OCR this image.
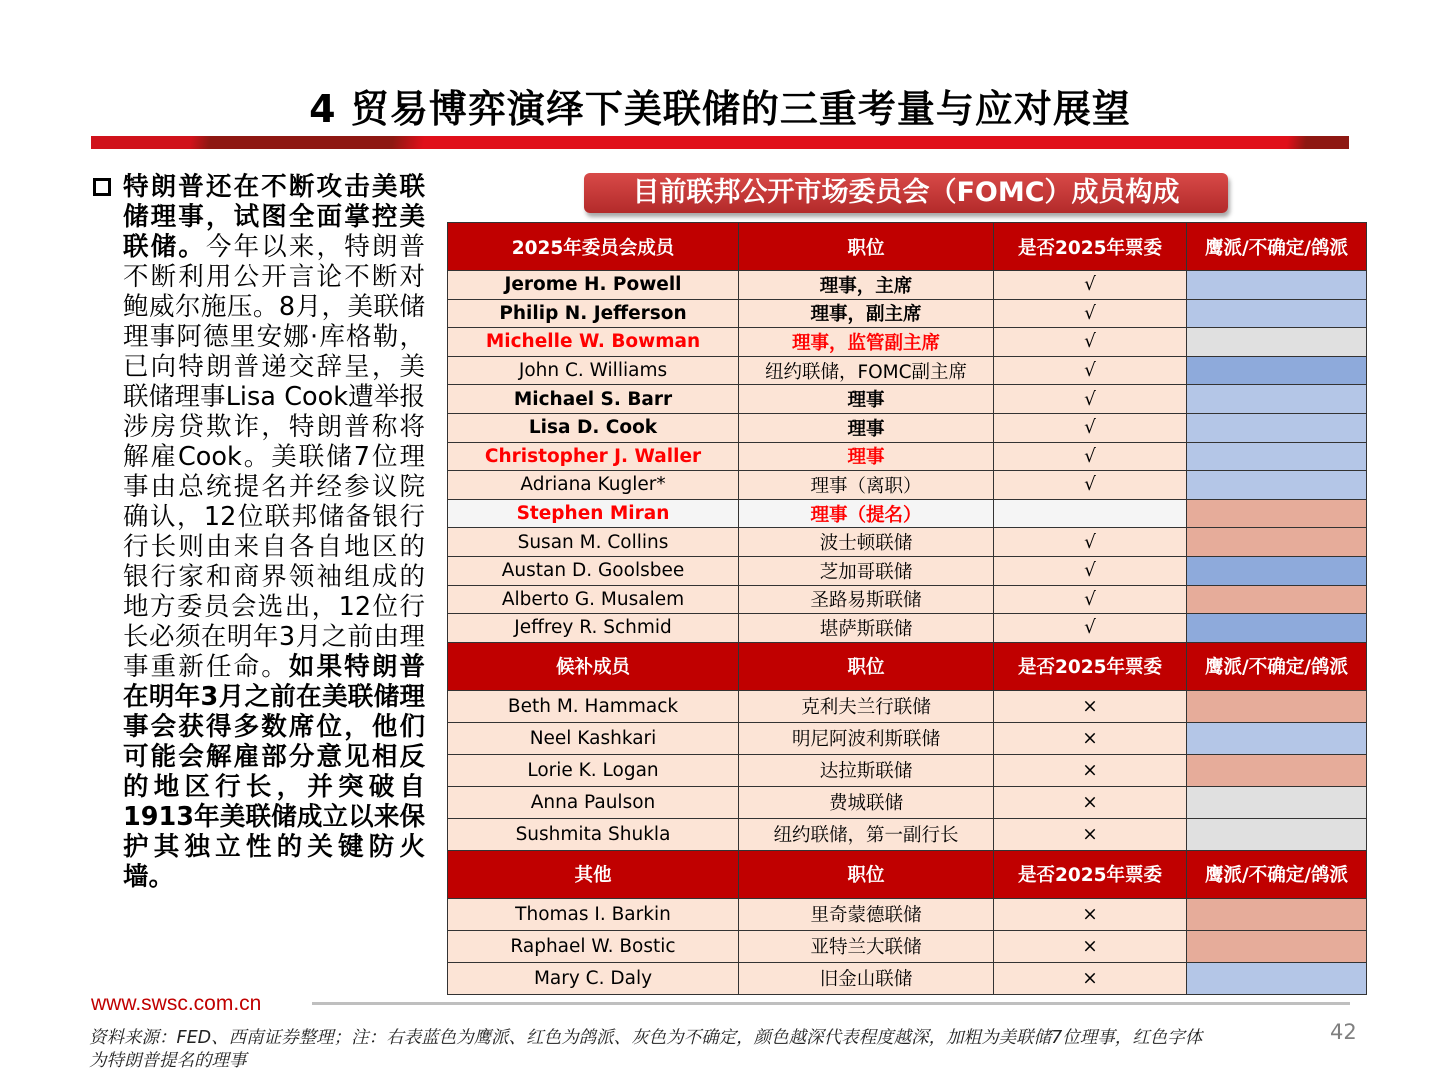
4 贸易博弈演绎下美联储的三重考量与应对展望
特朗普还在不断攻击美联储理事，试图全面掌控美联储。今年以来，特朗普不断利用公开言论不断对鲍威尔施压。8月，美联储理事阿德里安娜·库格勒，已向特朗普递交辞呈，美联储理事Lisa Cook遭举报涉房贷欺诈，特朗普称将解雇Cook。美联储7位理事由总统提名并经参议院确认，12位联邦储备银行行长则由来自各自地区的银行家和商界领袖组成的地方委员会选出，12位行长必须在明年3月之前由理事重新任命。如果特朗普在明年3月之前在美联储理事会获得多数席位，他们可能会解雇部分意见相反的地区行长，并突破自1913年美联储成立以来保护其独立性的关键防火墙。
目前联邦公开市场委员会（FOMC）成员构成
2025年委员会成员	职位	是否2025年票委	鹰派/不确定/鸽派
Jerome H. Powell	理事，主席	√	
Philip N. Jefferson	理事，副主席	√	
Michelle W. Bowman	理事，监管副主席	√	
John C. Williams	纽约联储，FOMC副主席	√	
Michael S. Barr	理事	√	
Lisa D. Cook	理事	√	
Christopher J. Waller	理事	√	
Adriana Kugler*	理事（离职）	√	
Stephen Miran	理事（提名）		
Susan M. Collins	波士顿联储	√	
Austan D. Goolsbee	芝加哥联储	√	
Alberto G. Musalem	圣路易斯联储	√	
Jeffrey R. Schmid	堪萨斯联储	√	
候补成员	职位	是否2025年票委	鹰派/不确定/鸽派
Beth M. Hammack	克利夫兰行联储	×	
Neel Kashkari	明尼阿波利斯联储	×	
Lorie K. Logan	达拉斯联储	×	
Anna Paulson	费城联储	×	
Sushmita Shukla	纽约联储，第一副行长	×	
其他	职位	是否2025年票委	鹰派/不确定/鸽派
Thomas I. Barkin	里奇蒙德联储	×	
Raphael W. Bostic	亚特兰大联储	×	
Mary C. Daly	旧金山联储	×	
www.swsc.com.cn
资料来源：FED、西南证券整理；注：右表蓝色为鹰派、红色为鸽派、灰色为不确定，颜色越深代表程度越深，加粗为美联储7位理事，红色字体为特朗普提名的理事
42
